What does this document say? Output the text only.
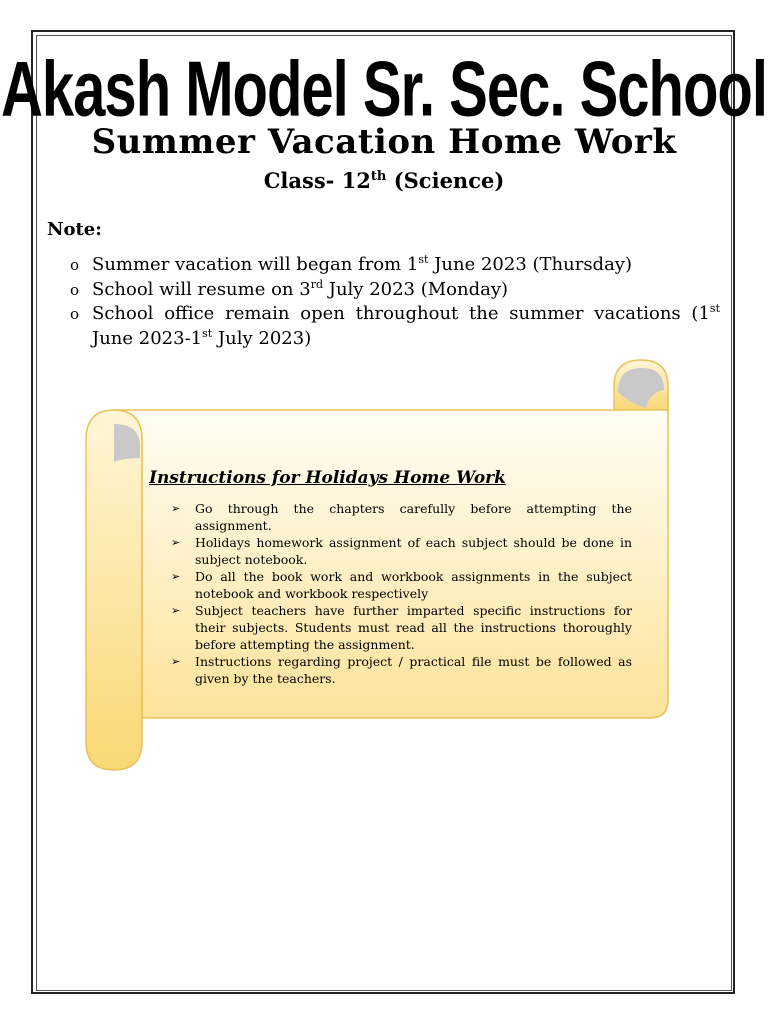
Akash Model Sr. Sec. School
Summer Vacation Home Work
Class- 12th (Science)
Note:
o Summer vacation will began from 1st June 2023 (Thursday)
o School will resume on 3rd July 2023 (Monday)
o School office remain open throughout the summer vacations (1st June 2023-1st July 2023)
Instructions for Holidays Home Work
➢ Go through the chapters carefully before attempting the assignment.
➢ Holidays homework assignment of each subject should be done in subject notebook.
➢ Do all the book work and workbook assignments in the subject notebook and workbook respectively
➢ Subject teachers have further imparted specific instructions for their subjects. Students must read all the instructions thoroughly before attempting the assignment.
➢ Instructions regarding project / practical file must be followed as given by the teachers.
